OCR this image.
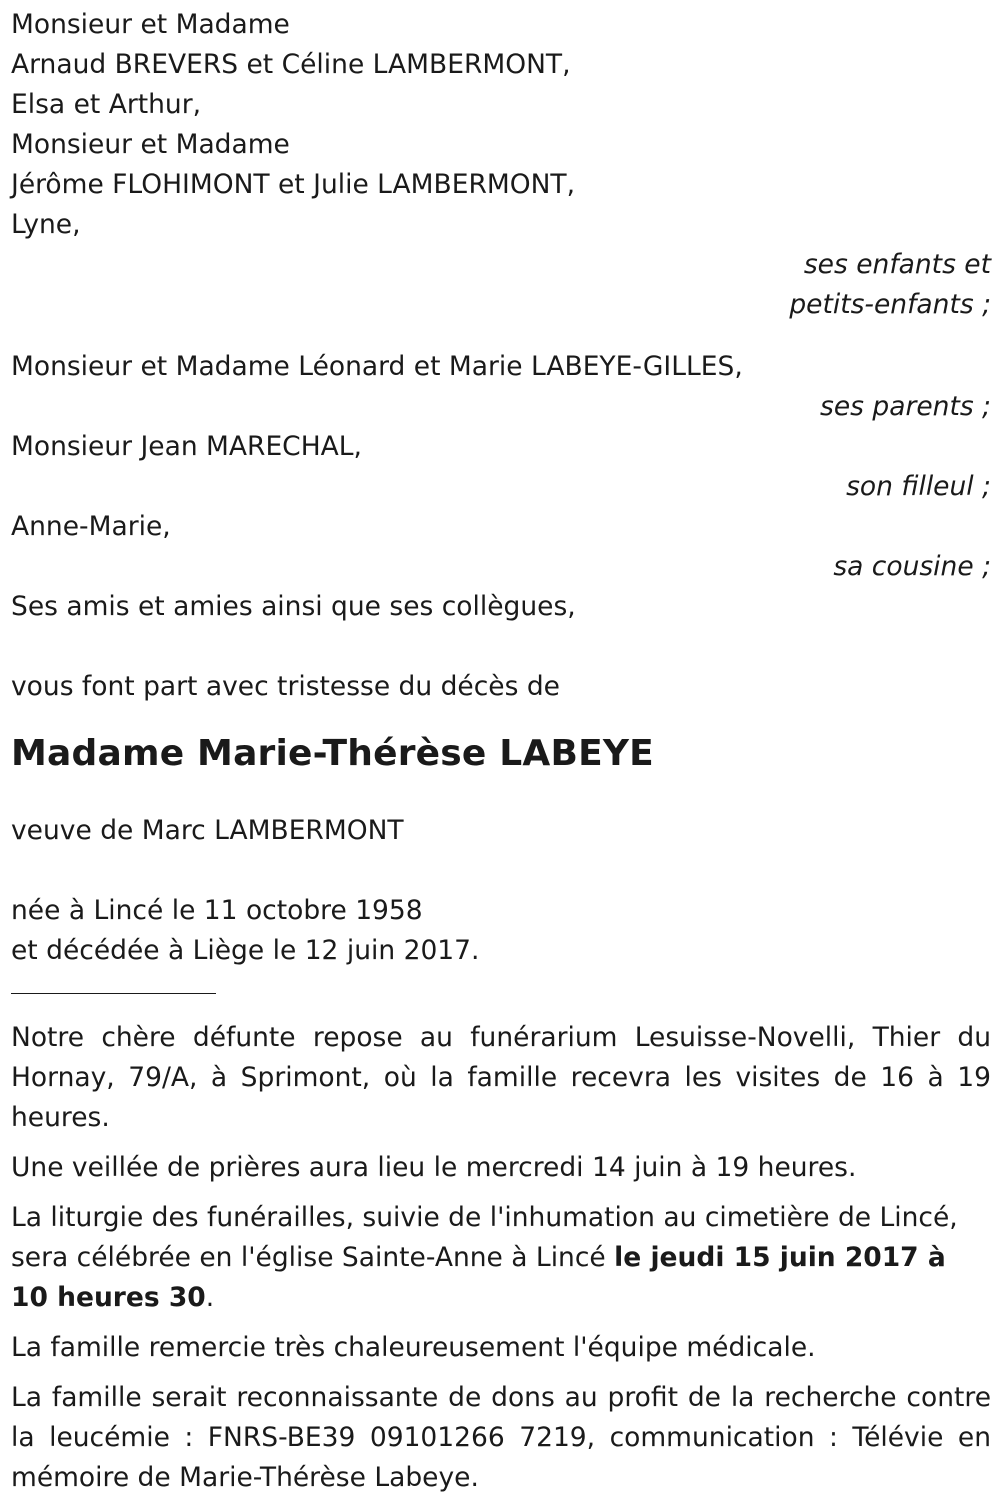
Monsieur et Madame
Arnaud BREVERS et Céline LAMBERMONT,
Elsa et Arthur,
Monsieur et Madame
Jérôme FLOHIMONT et Julie LAMBERMONT,
Lyne,
ses enfants et
petits-enfants ;
Monsieur et Madame Léonard et Marie LABEYE-GILLES,
ses parents ;
Monsieur Jean MARECHAL,
son filleul ;
Anne-Marie,
sa cousine ;
Ses amis et amies ainsi que ses collègues,
vous font part avec tristesse du décès de
Madame Marie-Thérèse LABEYE
veuve de Marc LAMBERMONT
née à Lincé le 11 octobre 1958
et décédée à Liège le 12 juin 2017.
Notre chère défunte repose au funérarium Lesuisse-Novelli, Thier du Hornay, 79/A, à Sprimont, où la famille recevra les visites de 16 à 19 heures.
Une veillée de prières aura lieu le mercredi 14 juin à 19 heures.
La liturgie des funérailles, suivie de l'inhumation au cimetière de Lincé, sera célébrée en l'église Sainte-Anne à Lincé le jeudi 15 juin 2017 à 10 heures 30.
La famille remercie très chaleureusement l'équipe médicale.
La famille serait reconnaissante de dons au profit de la recherche contre la leucémie : FNRS-BE39 09101266 7219, communication : Télévie en mémoire de Marie-Thérèse Labeye.
